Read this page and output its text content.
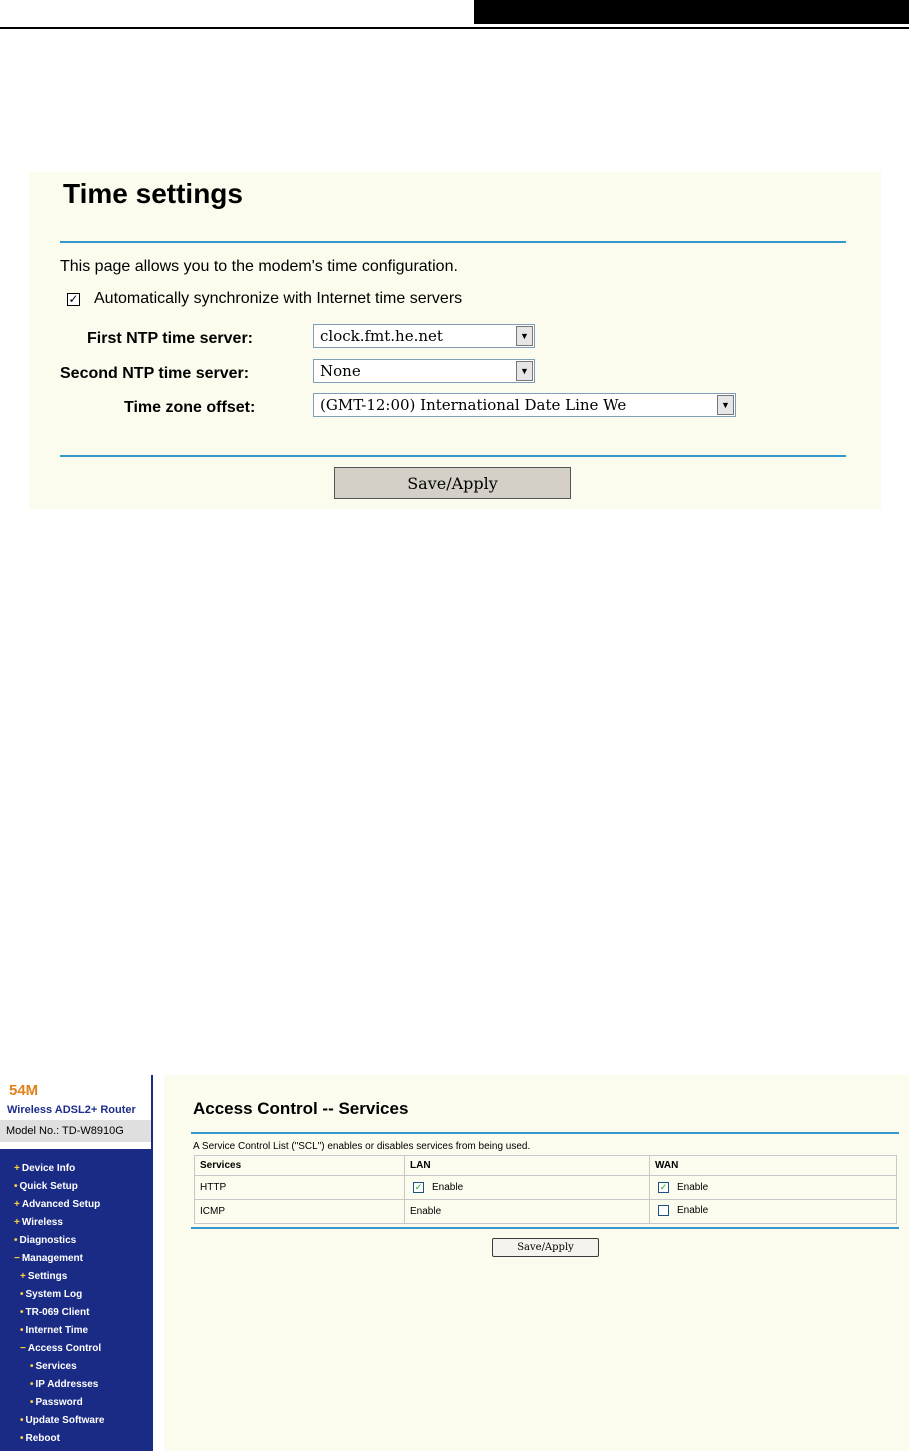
Time settings
This page allows you to the modem's time configuration.
✓ Automatically synchronize with Internet time servers
First NTP time server:	clock.fmt.he.net	▼
Second NTP time server:	None	▼
Time zone offset:	(GMT-12:00) International Date Line We	▼
Save/Apply
54M
Wireless ADSL2+ Router
Model No.: TD-W8910G
+ Device Info
• Quick Setup
+ Advanced Setup
+ Wireless
• Diagnostics
− Management
+ Settings
• System Log
• TR-069 Client
• Internet Time
− Access Control
• Services
• IP Addresses
• Password
• Update Software
• Reboot
Access Control -- Services
A Service Control List ("SCL") enables or disables services from being used.
Services	LAN	WAN
HTTP	✓ Enable	✓ Enable

ICMP	Enable	Enable
Save/Apply
